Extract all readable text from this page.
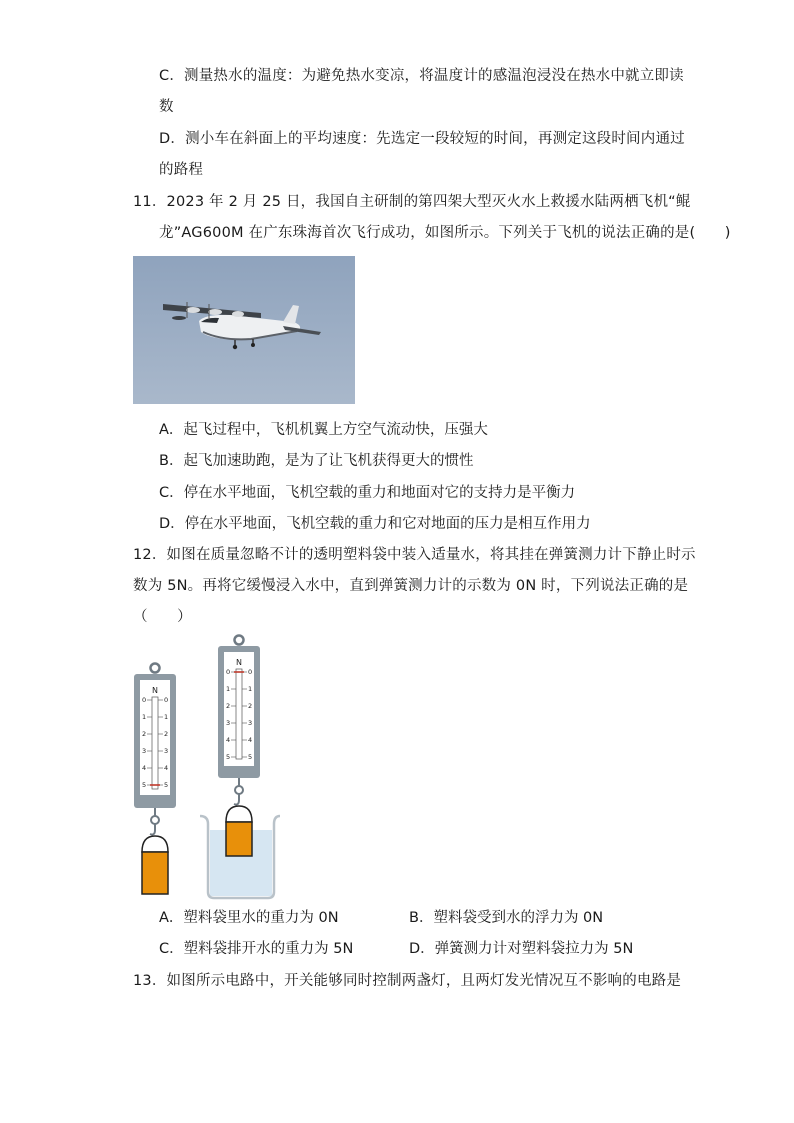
C．测量热水的温度：为避免热水变凉，将温度计的感温泡浸没在热水中就立即读
数
D．测小车在斜面上的平均速度：先选定一段较短的时间，再测定这段时间内通过
的路程
11．2023 年 2 月 25 日，我国自主研制的第四架大型灭火水上救援水陆两栖飞机“鲲
龙”AG600M 在广东珠海首次飞行成功，如图所示。下列关于飞机的说法正确的是(　　)
A．起飞过程中，飞机机翼上方空气流动快，压强大
B．起飞加速助跑，是为了让飞机获得更大的惯性
C．停在水平地面，飞机空载的重力和地面对它的支持力是平衡力
D．停在水平地面，飞机空载的重力和它对地面的压力是相互作用力
12．如图在质量忽略不计的透明塑料袋中装入适量水，将其挂在弹簧测力计下静止时示
数为 5N。再将它缓慢浸入水中，直到弹簧测力计的示数为 0N 时，下列说法正确的是
（　　）
N
0	0
1	1
2	2
3	3
4	4
5	5
N
0	0
1	1
2	2
3	3
4	4
5	5
A．塑料袋里水的重力为 0N	B．塑料袋受到水的浮力为 0N
C．塑料袋排开水的重力为 5N	D．弹簧测力计对塑料袋拉力为 5N
13．如图所示电路中，开关能够同时控制两盏灯，且两灯发光情况互不影响的电路是
